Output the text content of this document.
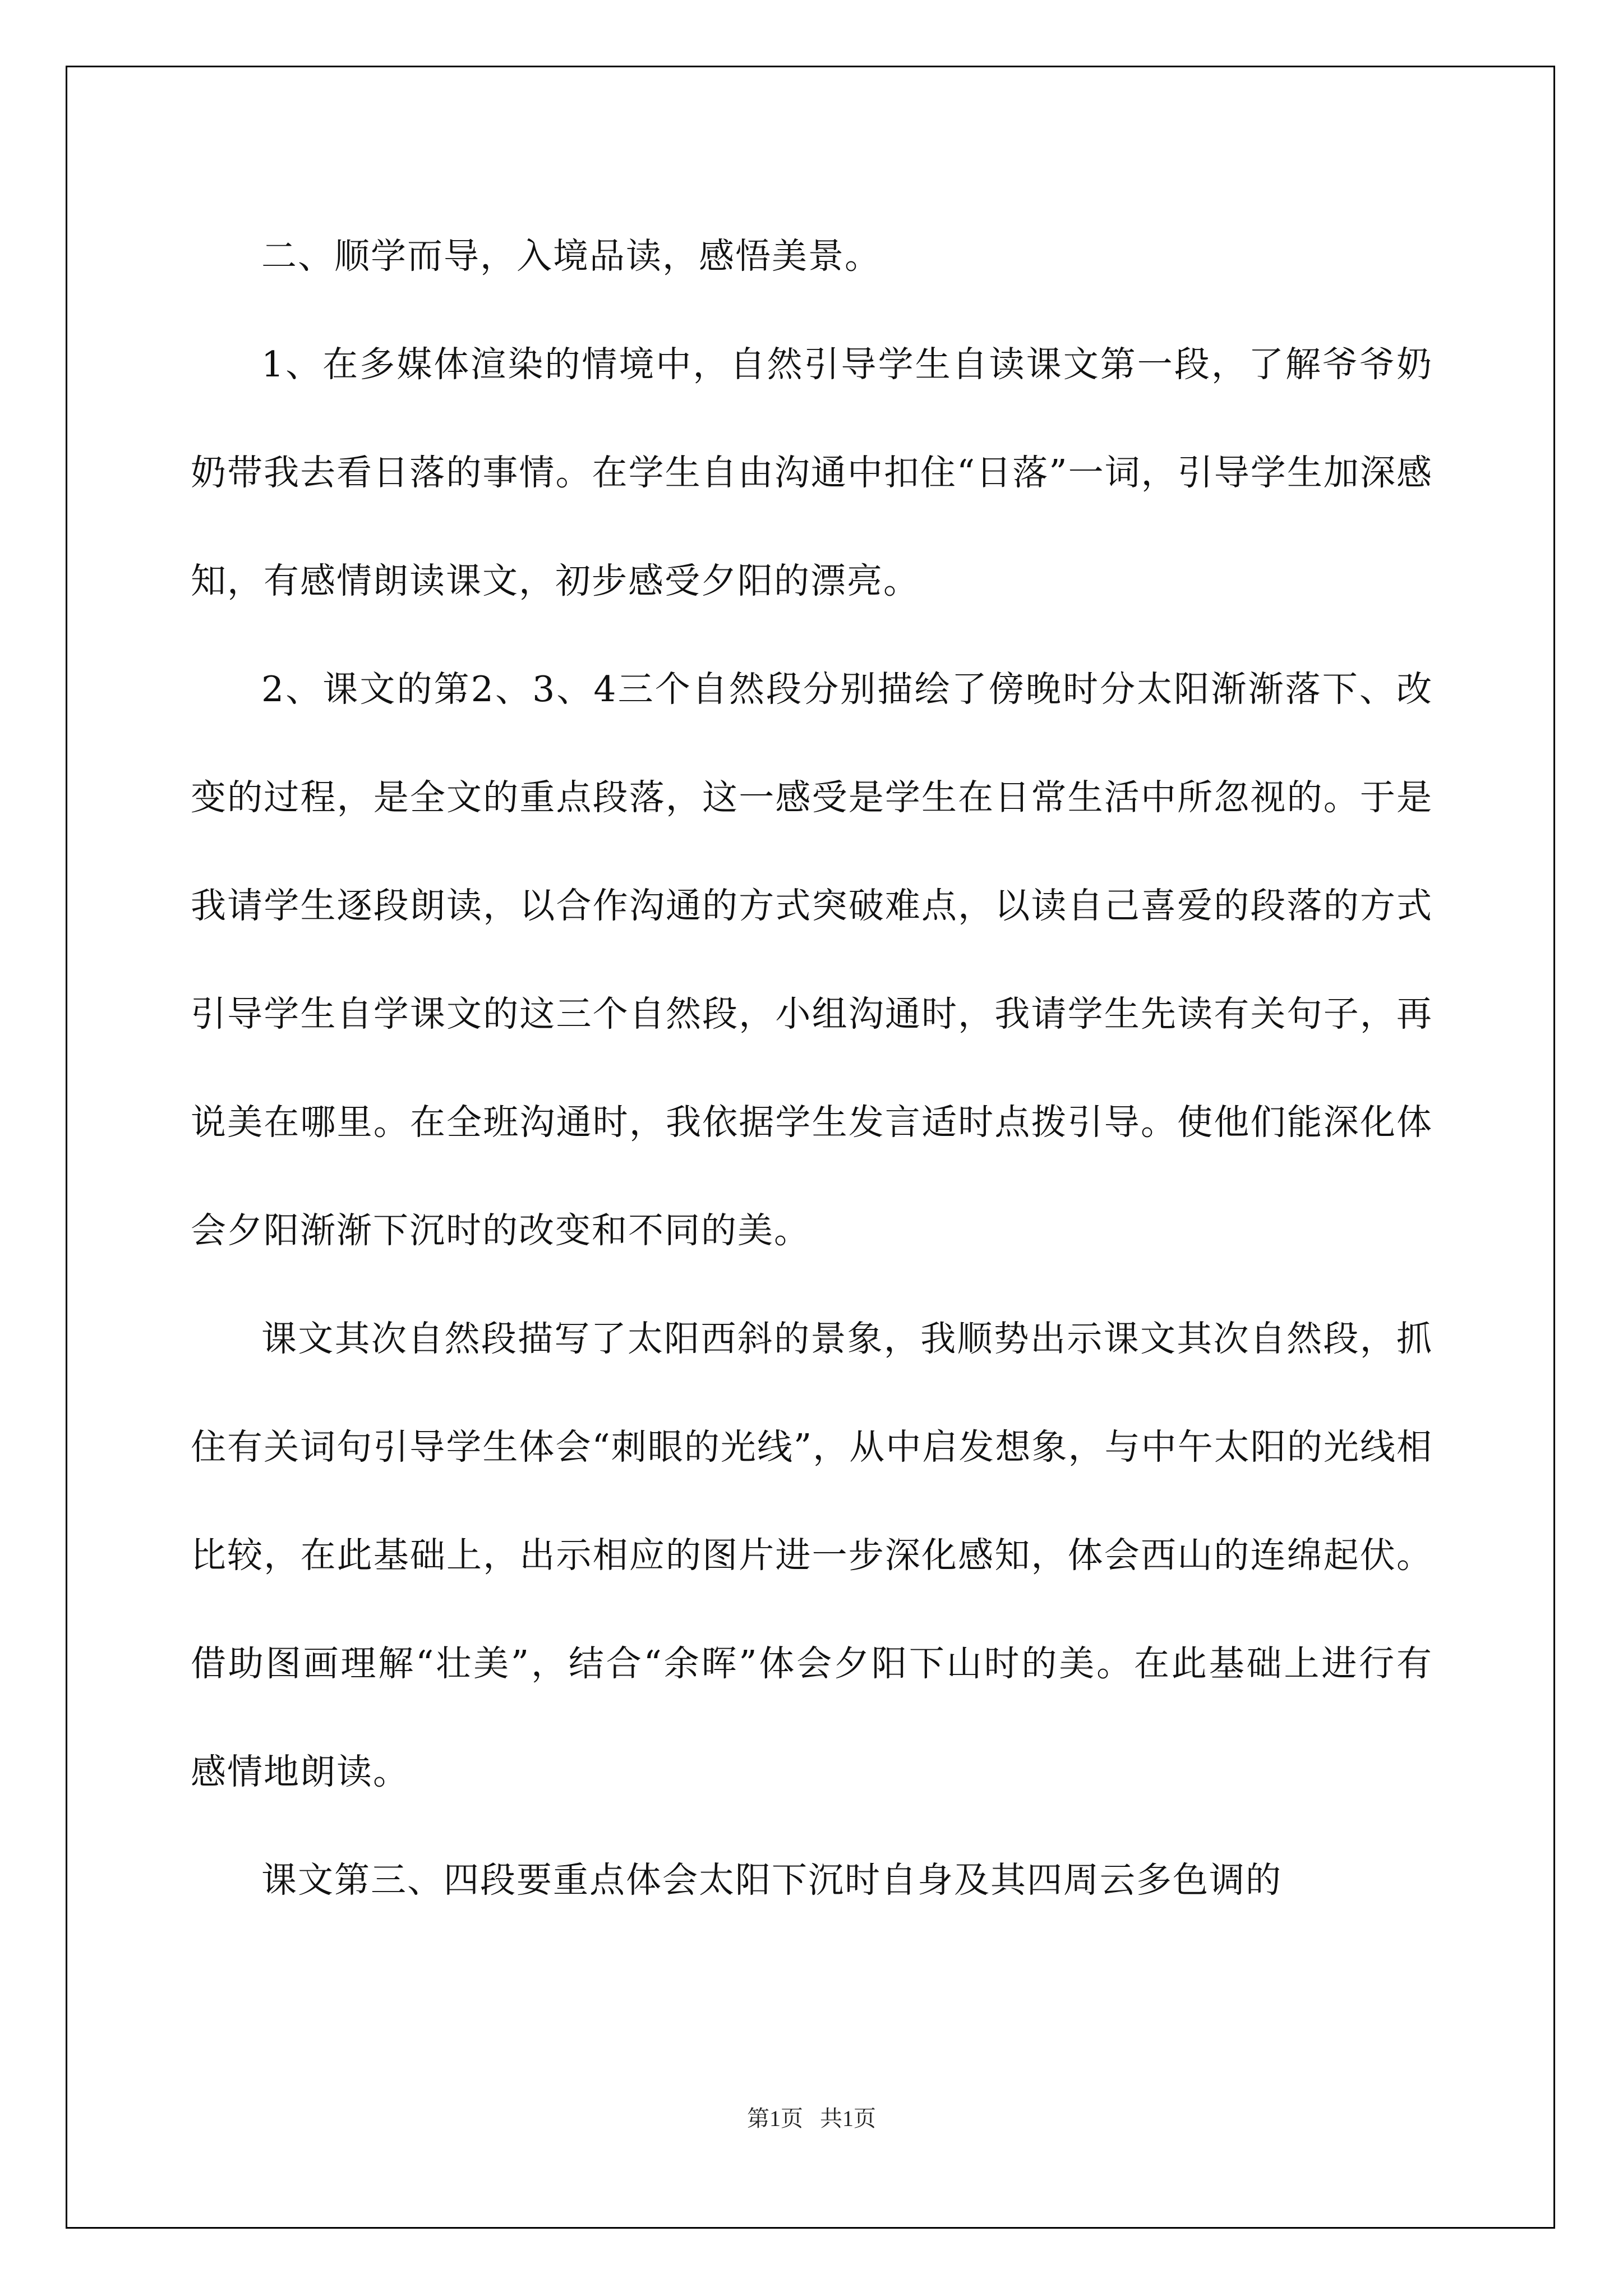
二、顺学而导，入境品读，感悟美景。

1、在多媒体渲染的情境中，自然引导学生自读课文第一段，了解爷爷奶奶带我去看日落的事情。在学生自由沟通中扣住“日落”一词，引导学生加深感知，有感情朗读课文，初步感受夕阳的漂亮。

2、课文的第2、3、4三个自然段分别描绘了傍晚时分太阳渐渐落下、改变的过程，是全文的重点段落，这一感受是学生在日常生活中所忽视的。于是我请学生逐段朗读，以合作沟通的方式突破难点，以读自己喜爱的段落的方式引导学生自学课文的这三个自然段，小组沟通时，我请学生先读有关句子，再说美在哪里。在全班沟通时，我依据学生发言适时点拨引导。使他们能深化体会夕阳渐渐下沉时的改变和不同的美。

课文其次自然段描写了太阳西斜的景象，我顺势出示课文其次自然段，抓住有关词句引导学生体会“刺眼的光线”，从中启发想象，与中午太阳的光线相比较，在此基础上，出示相应的图片进一步深化感知，体会西山的连绵起伏。借助图画理解“壮美”，结合“余晖”体会夕阳下山时的美。在此基础上进行有感情地朗读。

课文第三、四段要重点体会太阳下沉时自身及其四周云多色调的

第1页   共1页
